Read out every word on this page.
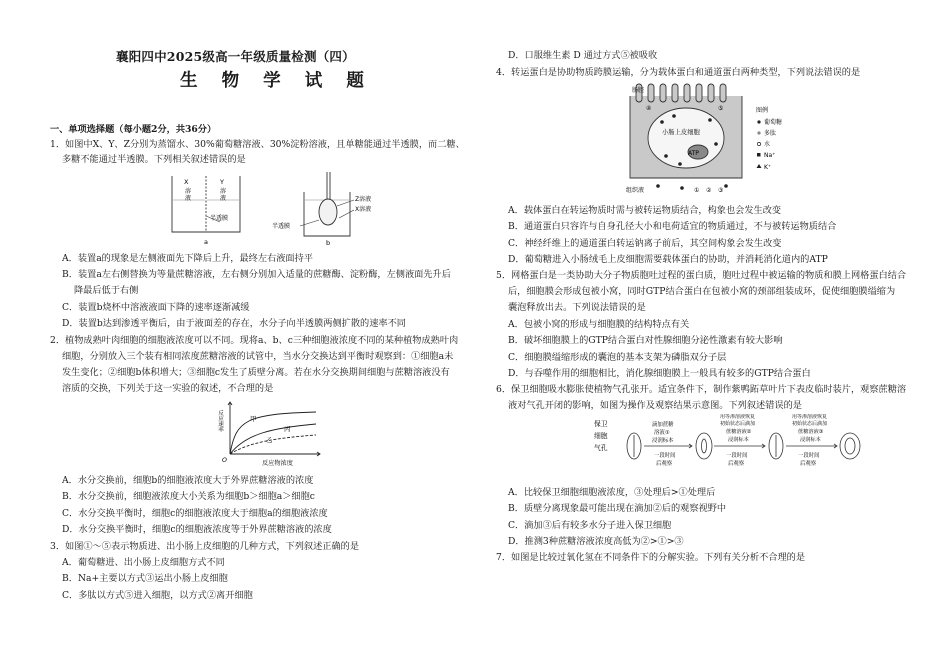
襄阳四中2025级高一年级质量检测（四）
生 物 学 试 题
一、单项选择题（每小题2分，共36分）
1．如图中X、Y、Z分别为蒸馏水、30%葡萄糖溶液、30%淀粉溶液，且单糖能通过半透膜，而二糖、
多糖不能通过半透膜。下列相关叙述错误的是
X	Y
溶	溶
液	液
半透膜
a
Z溶液
X溶液
半透膜
b
A．装置a的现象是左侧液面先下降后上升，最终左右液面持平
B．装置a左右侧替换为等量蔗糖溶液，左右侧分别加入适量的蔗糖酶、淀粉酶，左侧液面先升后
降最后低于右侧
C．装置b烧杯中溶液液面下降的速率逐渐减缓
D．装置b达到渗透平衡后，由于液面差的存在，水分子向半透膜两侧扩散的速率不同
2．植物成熟叶肉细胞的细胞液浓度可以不同。现将a、b、c三种细胞液浓度不同的某种植物成熟叶肉
细胞，分别放入三个装有相同浓度蔗糖溶液的试管中，当水分交换达到平衡时观察到：①细胞a未
发生变化；②细胞b体积增大；③细胞c发生了质壁分离。若在水分交换期间细胞与蔗糖溶液没有
溶质的交换，下列关于这一实验的叙述，不合理的是
反应速率
反应物浓度
O
甲
丙
乙
A．水分交换前，细胞b的细胞液浓度大于外界蔗糖溶液的浓度
B．水分交换前，细胞液浓度大小关系为细胞b＞细胞a＞细胞c
C．水分交换平衡时，细胞c的细胞液浓度大于细胞a的细胞液浓度
D．水分交换平衡时，细胞c的细胞液浓度等于外界蔗糖溶液的浓度
3．如图①～⑤表示物质进、出小肠上皮细胞的几种方式，下列叙述正确的是
A．葡萄糖进、出小肠上皮细胞方式不同
B．Na+主要以方式③运出小肠上皮细胞
C．多肽以方式⑤进入细胞，以方式②离开细胞
D．口服维生素 D 通过方式⑤被吸收
4．转运蛋白是协助物质跨膜运输，分为载体蛋白和通道蛋白两种类型，下列说法错误的是
肠腔
小肠上皮细胞
ATP
组织液	① ② ③
④	⑤	图例
葡萄糖
多肽
水
Na⁺
K⁺
A．载体蛋白在转运物质时需与被转运物质结合，构象也会发生改变
B．通道蛋白只容许与自身孔径大小和电荷适宜的物质通过，不与被转运物质结合
C．神经纤维上的通道蛋白转运钠离子前后，其空间构象会发生改变
D．葡萄糖进入小肠绒毛上皮细胞需要载体蛋白的协助，并消耗消化道内的ATP
5．网格蛋白是一类协助大分子物质胞吐过程的蛋白质，胞吐过程中被运输的物质和膜上网格蛋白结合
后，细胞膜会形成包被小窝，同时GTP结合蛋白在包被小窝的颈部组装成环，促使细胞膜缢缩为
囊泡释放出去。下列说法错误的是
A．包被小窝的形成与细胞膜的结构特点有关
B．破坏细胞膜上的GTP结合蛋白对性腺细胞分泌性激素有较大影响
C．细胞膜缢缩形成的囊泡的基本支架为磷脂双分子层
D．与吞噬作用的细胞相比，消化腺细胞膜上一般具有较多的GTP结合蛋白
6．保卫细胞吸水膨胀使植物气孔张开。适宜条件下，制作紫鸭跖草叶片下表皮临时装片，观察蔗糖溶
液对气孔开闭的影响，如图为操作及观察结果示意图。下列叙述错误的是
保卫
细胞
气孔
滴加蔗糖
溶液①
浸润标本
一段时间
后观察
用等渗溶液恢复
初始状态后滴加
蔗糖溶液②
浸润标本
一段时间
后观察
用等渗溶液恢复
初始状态后滴加
蔗糖溶液③
浸润标本
一段时间
后观察
A．比较保卫细胞细胞液浓度，③处理后>①处理后
B．质壁分离现象最可能出现在滴加②后的观察视野中
C．滴加③后有较多水分子进入保卫细胞
D．推测3种蔗糖溶液浓度高低为②>①>③
7．如图是比较过氧化氢在不同条件下的分解实验。下列有关分析不合理的是
